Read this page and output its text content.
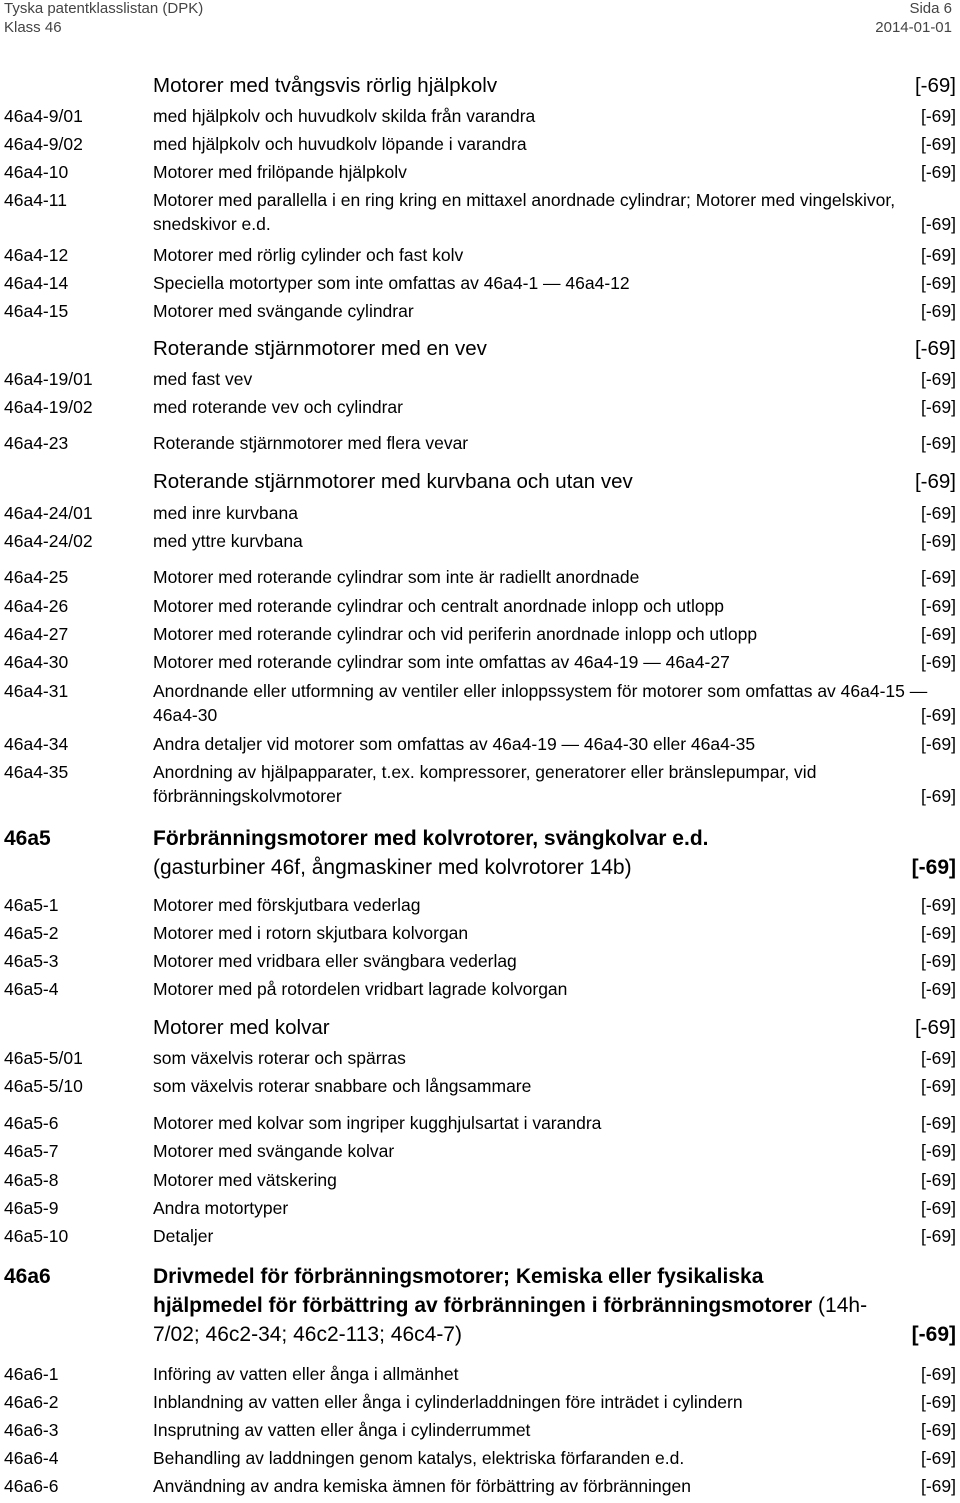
Tyska patentklasslistan (DPK)
Klass 46
Sida 6
2014-01-01
Motorer med tvångsvis rörlig hjälpkolv	[-69]
46a4-9/01	med hjälpkolv och huvudkolv skilda från varandra	[-69]
46a4-9/02	med hjälpkolv och huvudkolv löpande i varandra	[-69]
46a4-10	Motorer med frilöpande hjälpkolv	[-69]
46a4-11	Motorer med parallella i en ring kring en mittaxel anordnade cylindrar; Motorer med vingelskivor, snedskivor e.d.	[-69]
46a4-12	Motorer med rörlig cylinder och fast kolv	[-69]
46a4-14	Speciella motortyper som inte omfattas av 46a4-1 — 46a4-12	[-69]
46a4-15	Motorer med svängande cylindrar	[-69]
Roterande stjärnmotorer med en vev	[-69]
46a4-19/01	med fast vev	[-69]
46a4-19/02	med roterande vev och cylindrar	[-69]
46a4-23	Roterande stjärnmotorer med flera vevar	[-69]
Roterande stjärnmotorer med kurvbana och utan vev	[-69]
46a4-24/01	med inre kurvbana	[-69]
46a4-24/02	med yttre kurvbana	[-69]
46a4-25	Motorer med roterande cylindrar som inte är radiellt anordnade	[-69]
46a4-26	Motorer med roterande cylindrar och centralt anordnade inlopp och utlopp	[-69]
46a4-27	Motorer med roterande cylindrar och vid periferin anordnade inlopp och utlopp	[-69]
46a4-30	Motorer med roterande cylindrar som inte omfattas av 46a4-19 — 46a4-27	[-69]
46a4-31	Anordnande eller utformning av ventiler eller inloppssystem för motorer som omfattas av 46a4-15 — 46a4-30	[-69]
46a4-34	Andra detaljer vid motorer som omfattas av 46a4-19 — 46a4-30 eller 46a4-35	[-69]
46a4-35	Anordning av hjälpapparater, t.ex. kompressorer, generatorer eller bränslepumpar, vid förbränningskolvmotorer	[-69]
46a5	Förbränningsmotorer med kolvrotorer, svängkolvar e.d.
(gasturbiner 46f, ångmaskiner med kolvrotorer 14b)	[-69]
46a5-1	Motorer med förskjutbara vederlag	[-69]
46a5-2	Motorer med i rotorn skjutbara kolvorgan	[-69]
46a5-3	Motorer med vridbara eller svängbara vederlag	[-69]
46a5-4	Motorer med på rotordelen vridbart lagrade kolvorgan	[-69]
Motorer med kolvar	[-69]
46a5-5/01	som växelvis roterar och spärras	[-69]
46a5-5/10	som växelvis roterar snabbare och långsammare	[-69]
46a5-6	Motorer med kolvar som ingriper kugghjulsartat i varandra	[-69]
46a5-7	Motorer med svängande kolvar	[-69]
46a5-8	Motorer med vätskering	[-69]
46a5-9	Andra motortyper	[-69]
46a5-10	Detaljer	[-69]
46a6	Drivmedel för förbränningsmotorer; Kemiska eller fysikaliska hjälpmedel för förbättring av förbränningen i förbränningsmotorer (14h-7/02; 46c2-34; 46c2-113; 46c4-7)	[-69]
46a6-1	Införing av vatten eller ånga i allmänhet	[-69]
46a6-2	Inblandning av vatten eller ånga i cylinderladdningen före inträdet i cylindern	[-69]
46a6-3	Insprutning av vatten eller ånga i cylinderrummet	[-69]
46a6-4	Behandling av laddningen genom katalys, elektriska förfaranden e.d.	[-69]
46a6-6	Användning av andra kemiska ämnen för förbättring av förbränningen	[-69]
